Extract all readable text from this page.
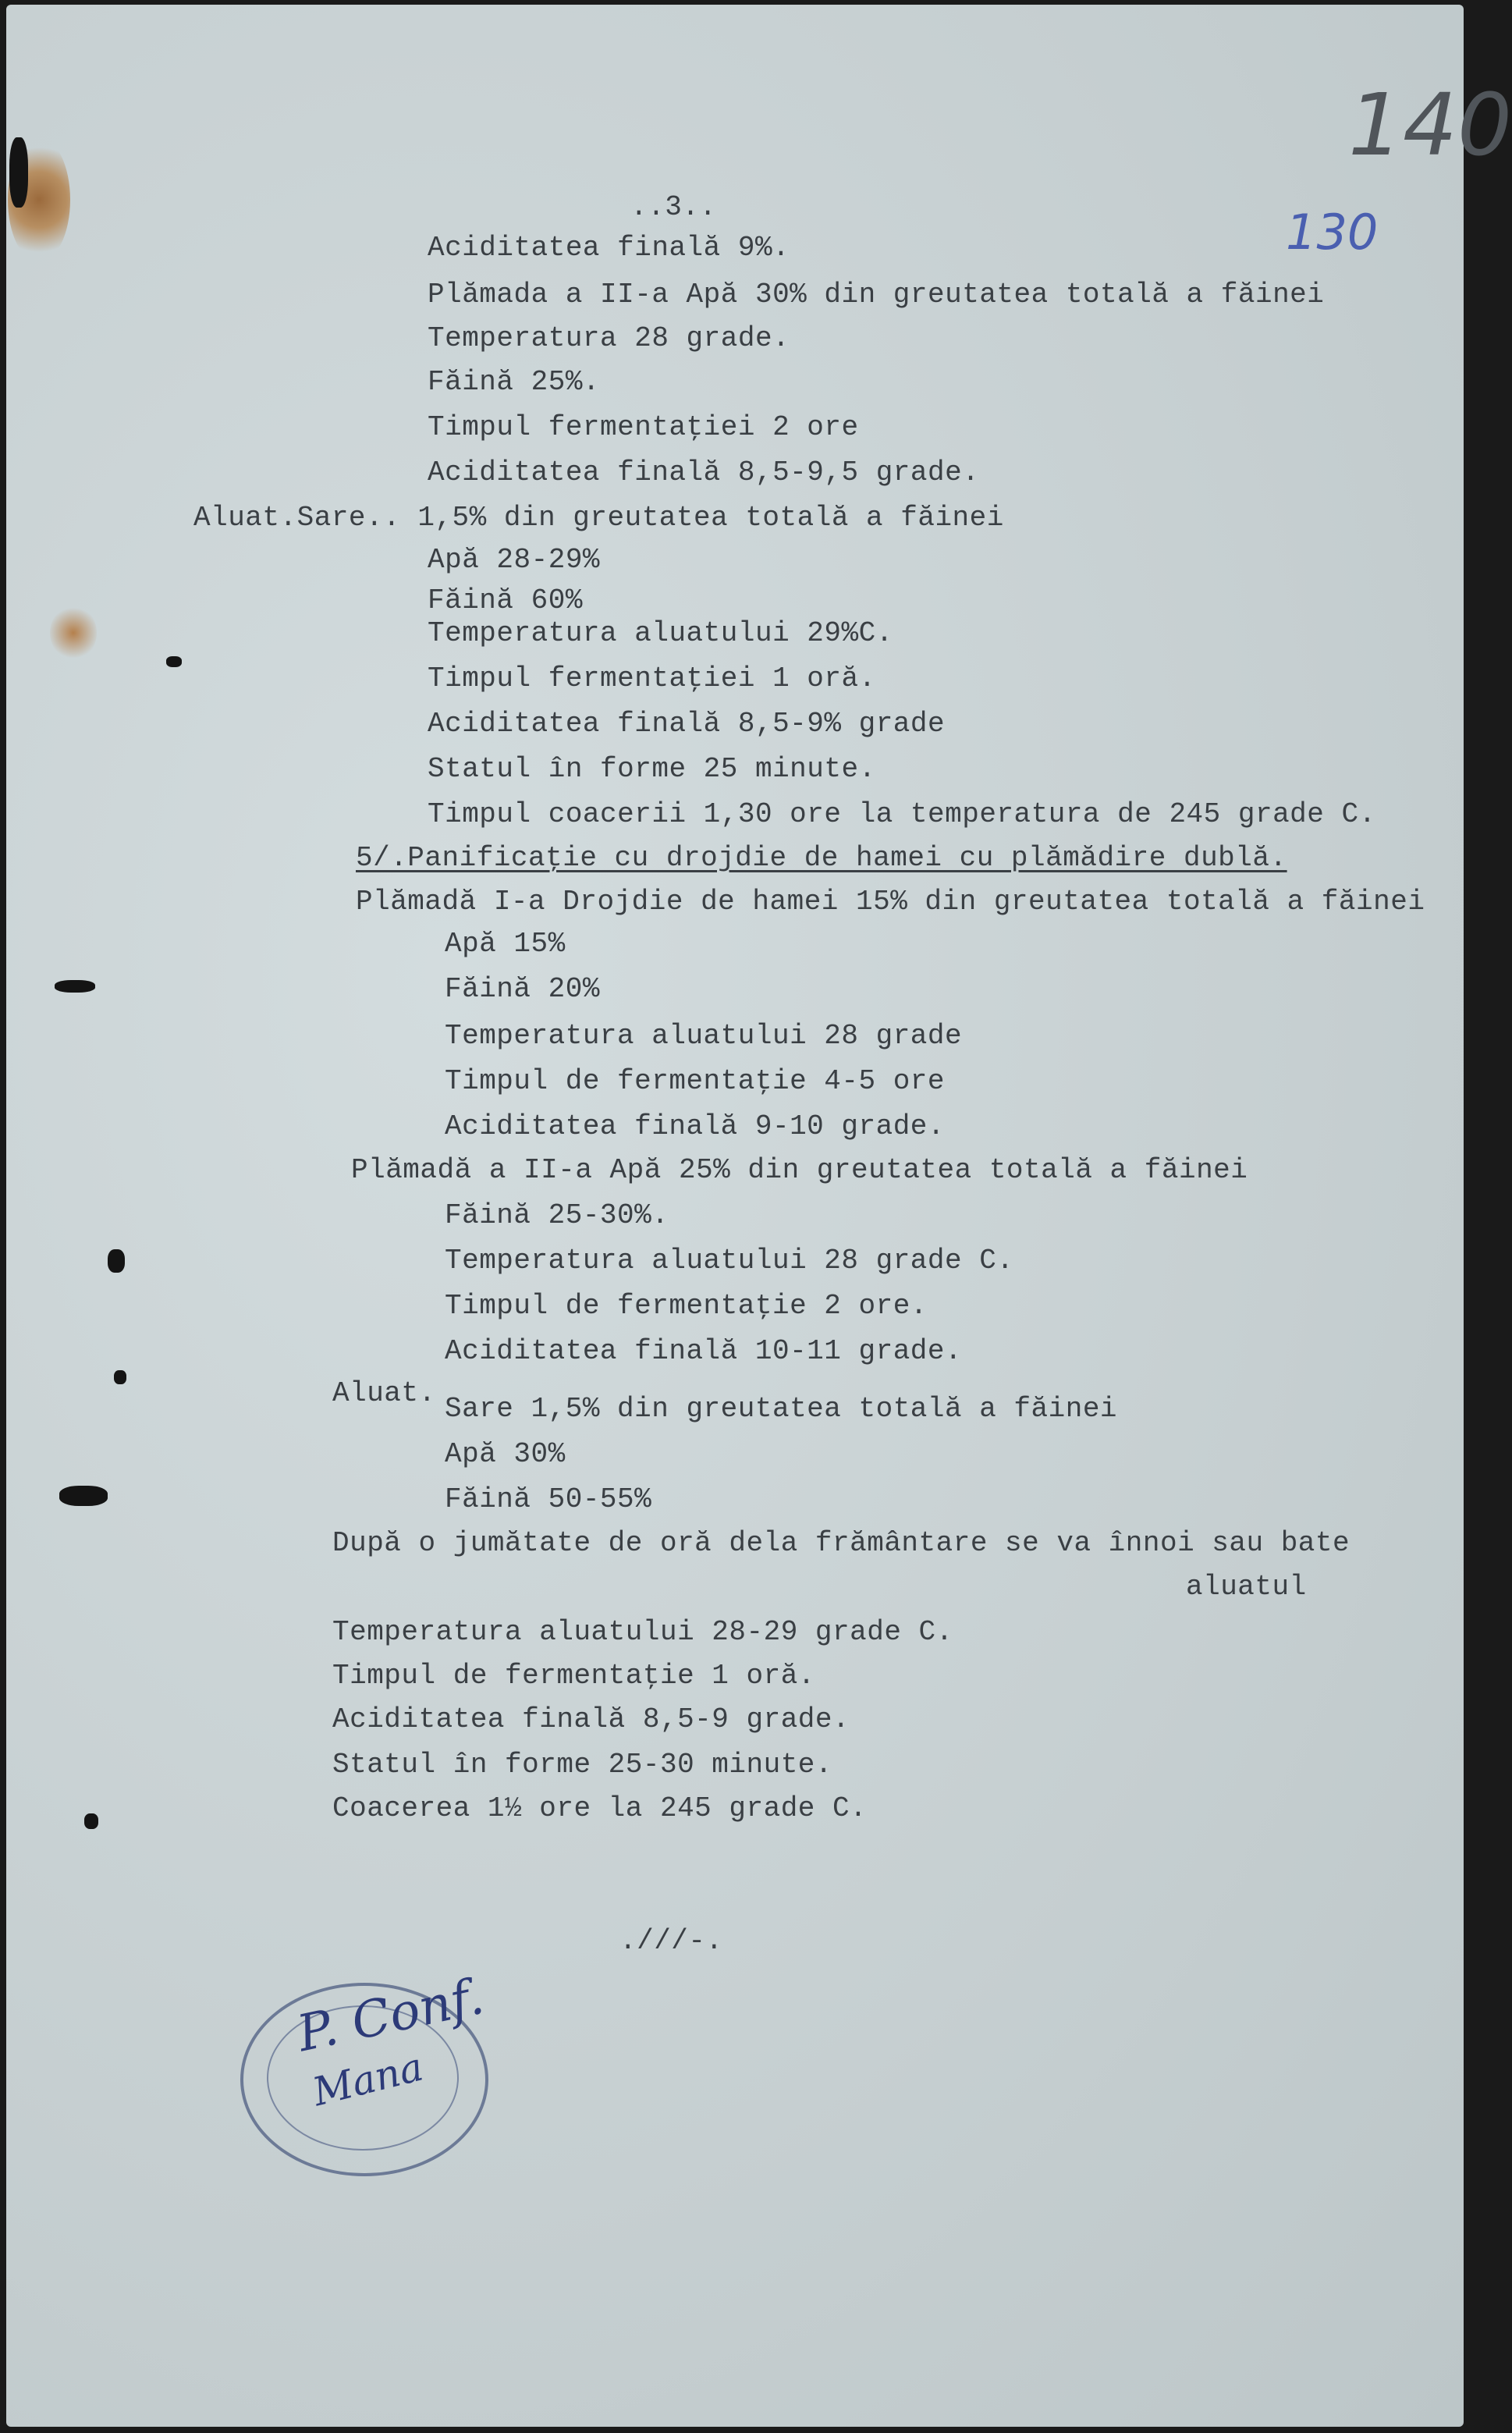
140
130
..3..
Aciditatea finală 9%.
Plămada a II-a Apă 30% din greutatea totală a făinei
Temperatura 28 grade.
Făină 25%.
Timpul fermentaţiei 2 ore
Aciditatea finală 8,5-9,5 grade.
Aluat.Sare.. 1,5% din greutatea totală a făinei
Apă 28-29%
Făină 60%
Temperatura aluatului 29%C.
Timpul fermentaţiei 1 oră.
Aciditatea finală 8,5-9% grade
Statul în forme 25 minute.
Timpul coacerii 1,30 ore la temperatura de 245 grade C.
5/.Panificaţie cu drojdie de hamei cu plămădire dublă.
Plămadă I-a Drojdie de hamei 15% din greutatea totală a făinei
Apă 15%
Făină 20%
Temperatura aluatului 28 grade
Timpul de fermentaţie 4-5 ore
Aciditatea finală 9-10 grade.
Plămadă a II-a Apă 25% din greutatea totală a făinei
Făină 25-30%.
Temperatura aluatului 28 grade C.
Timpul de fermentaţie 2 ore.
Aciditatea finală 10-11 grade.
Aluat. Sare 1,5% din greutatea totală a făinei
Apă 30%
Făină 50-55%
După o jumătate de oră dela frământare se va înnoi sau bate
aluatul
Temperatura aluatului 28-29 grade C.
Timpul de fermentaţie 1 oră.
Aciditatea finală 8,5-9 grade.
Statul în forme 25-30 minute.
Coacerea 1½ ore la 245 grade C.
.///-.
P. Conf.
Mana
